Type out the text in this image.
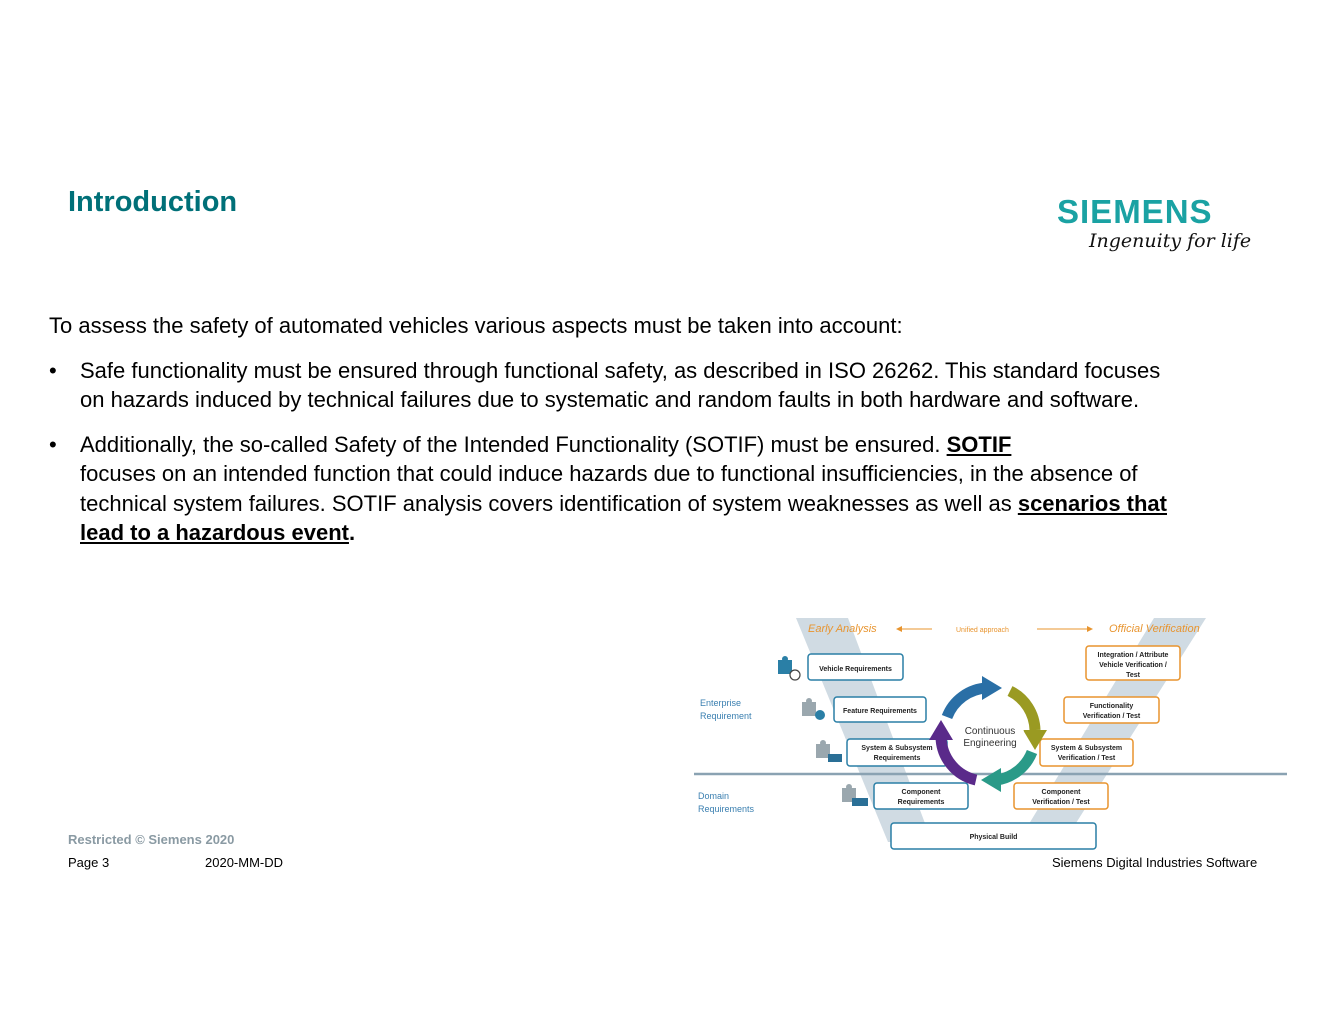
Introduction	SIEMENS
Ingenuity for life

To assess the safety of automated vehicles various aspects must be taken into account:

• Safe functionality must be ensured through functional safety, as described in ISO 26262. This standard focuses on hazards induced by technical failures due to systematic and random faults in both hardware and software.
• Additionally, the so-called Safety of the Intended Functionality (SOTIF) must be ensured. SOTIF
focuses on an intended function that could induce hazards due to functional insufficiencies, in the absence of technical system failures. SOTIF analysis covers identification of system weaknesses as well as scenarios that lead to a hazardous event.
Early Analysis	Unified approach	Official Verification
Enterprise
Requirement
Domain
Requirements
Vehicle Requirements
Feature Requirements
System & Subsystem
Requirements
Component
Requirements
Integration / Attribute
Vehicle Verification /
Test
Functionality
Verification / Test
System & Subsystem
Verification / Test
Component
Verification / Test
Physical Build
Continuous
Engineering
Restricted © Siemens 2020
Page 3	2020-MM-DD	Siemens Digital Industries Software
